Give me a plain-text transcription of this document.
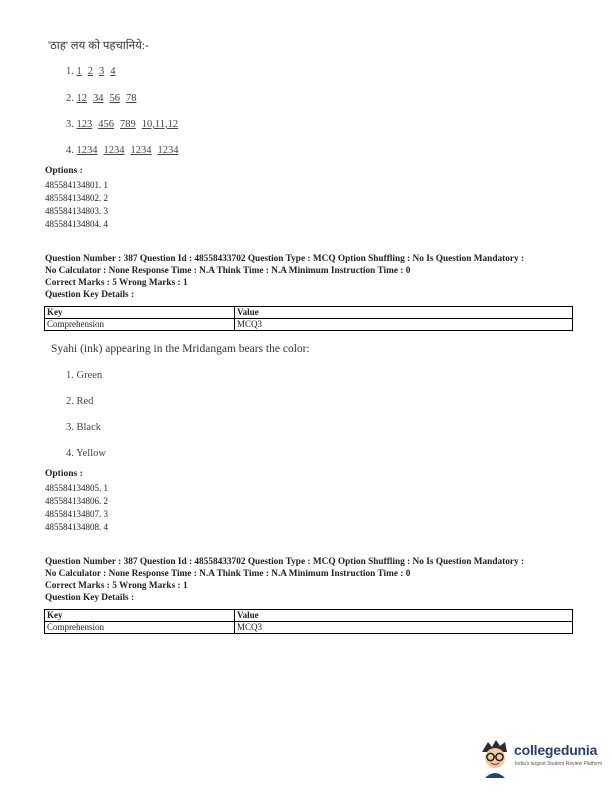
'ठाह' लय को पहचानिये:-
1. 1 2 3 4
2. 12 34 56 78
3. 123 456 789 10,11,12
4. 1234 1234 1234 1234
Options :
485584134801. 1
485584134802. 2
485584134803. 3
485584134804. 4
Question Number : 387 Question Id : 48558433702 Question Type : MCQ Option Shuffling : No Is Question Mandatory :
No Calculator : None Response Time : N.A Think Time : N.A Minimum Instruction Time : 0
Correct Marks : 5 Wrong Marks : 1
Question Key Details :
Key	Value
Comprehension	MCQ3
Syahi (ink) appearing in the Mridangam bears the color:
1. Green
2. Red
3. Black
4. Yellow
Options :
485584134805. 1
485584134806. 2
485584134807. 3
485584134808. 4
Question Number : 387 Question Id : 48558433702 Question Type : MCQ Option Shuffling : No Is Question Mandatory :
No Calculator : None Response Time : N.A Think Time : N.A Minimum Instruction Time : 0
Correct Marks : 5 Wrong Marks : 1
Question Key Details :
Key	Value
Comprehension	MCQ3
collegedunia
India's largest Student Review Platform
